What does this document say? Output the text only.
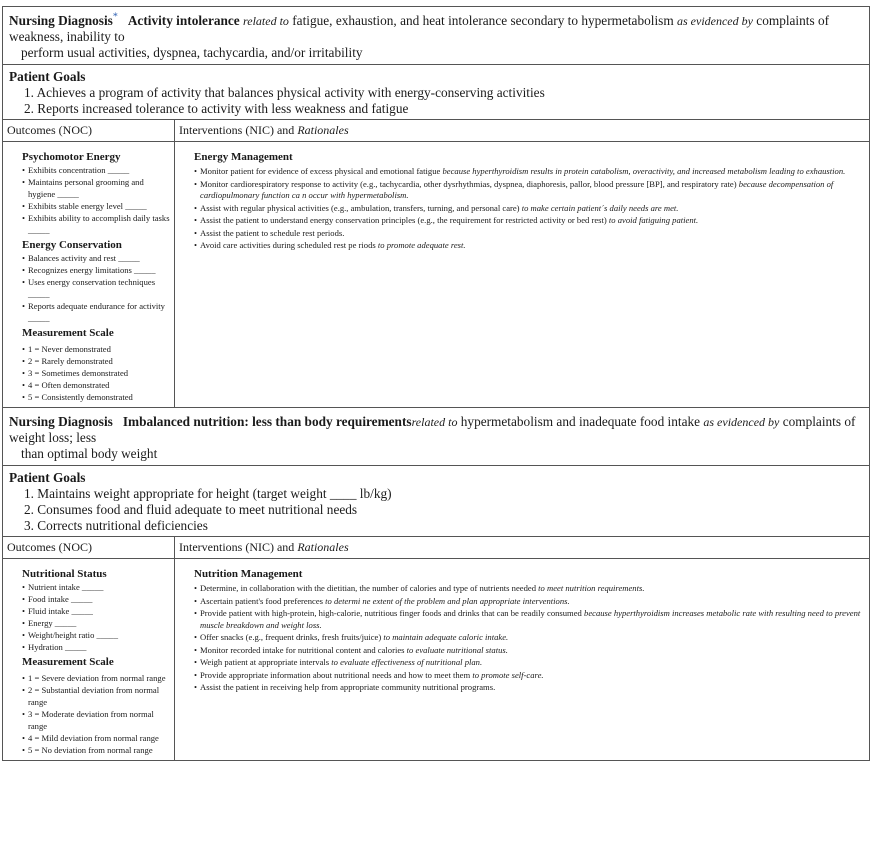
Nursing Diagnosis* Activity intolerance related to fatigue, exhaustion, and heat intolerance secondary to hypermetabolism as evidenced by complaints of weakness, inability to
perform usual activities, dyspnea, tachycardia, and/or irritability
Patient Goals
1. Achieves a program of activity that balances physical activity with energy-conserving activities
2. Reports increased tolerance to activity with less weakness and fatigue
Outcomes (NOC)	Interventions (NIC) and Rationales
Psychomotor Energy
• Exhibits concentration _____
• Maintains personal grooming and hygiene _____
• Exhibits stable energy level _____
• Exhibits ability to accomplish daily tasks _____
Energy Conservation
• Balances activity and rest _____
• Recognizes energy limitations _____
• Uses energy conservation techniques _____
• Reports adequate endurance for activity _____
Measurement Scale
• 1 = Never demonstrated
• 2 = Rarely demonstrated
• 3 = Sometimes demonstrated
• 4 = Often demonstrated
• 5 = Consistently demonstrated
Energy Management
• Monitor patient for evidence of excess physical and emotional fatigue because hyperthyroidism results in protein catabolism, overactivity, and increased metabolism leading to exhaustion.
• Monitor cardiorespiratory response to activity (e.g., tachycardia, other dysrhythmias, dyspnea, diaphoresis, pallor, blood pressure [BP], and respiratory rate) because decompensation of cardiopulmonary function ca n occur with hypermetabolism.
• Assist with regular physical activities (e.g., ambulation, transfers, turning, and personal care) to make certain patient´s daily needs are met.
• Assist the patient to understand energy conservation principles (e.g., the requirement for restricted activity or bed rest) to avoid fatiguing patient.
• Assist the patient to schedule rest periods.
• Avoid care activities during scheduled rest pe riods to promote adequate rest.
Nursing Diagnosis Imbalanced nutrition: less than body requirementsrelated to hypermetabolism and inadequate food intake as evidenced by complaints of weight loss; less
than optimal body weight
Patient Goals
1. Maintains weight appropriate for height (target weight ____ lb/kg)
2. Consumes food and fluid adequate to meet nutritional needs
3. Corrects nutritional deficiencies
Outcomes (NOC)	Interventions (NIC) and Rationales
Nutritional Status
• Nutrient intake _____
• Food intake _____
• Fluid intake _____
• Energy _____
• Weight/height ratio _____
• Hydration _____
Measurement Scale
• 1 = Severe deviation from normal range
• 2 = Substantial deviation from normal range
• 3 = Moderate deviation from normal range
• 4 = Mild deviation from normal range
• 5 = No deviation from normal range
Nutrition Management
• Determine, in collaboration with the dietitian, the number of calories and type of nutrients needed to meet nutrition requirements.
• Ascertain patient's food preferences to determi ne extent of the problem and plan appropriate interventions.
• Provide patient with high-protein, high-calorie, nutritious finger foods and drinks that can be readily consumed because hyperthyroidism increases metabolic rate with resulting need to prevent muscle breakdown and weight loss.
• Offer snacks (e.g., frequent drinks, fresh fruits/juice) to maintain adequate caloric intake.
• Monitor recorded intake for nutritional content and calories to evaluate nutritional status.
• Weigh patient at appropriate intervals to evaluate effectiveness of nutritional plan.
• Provide appropriate information about nutritional needs and how to meet them to promote self-care.
• Assist the patient in receiving help from appropriate community nutritional programs.
